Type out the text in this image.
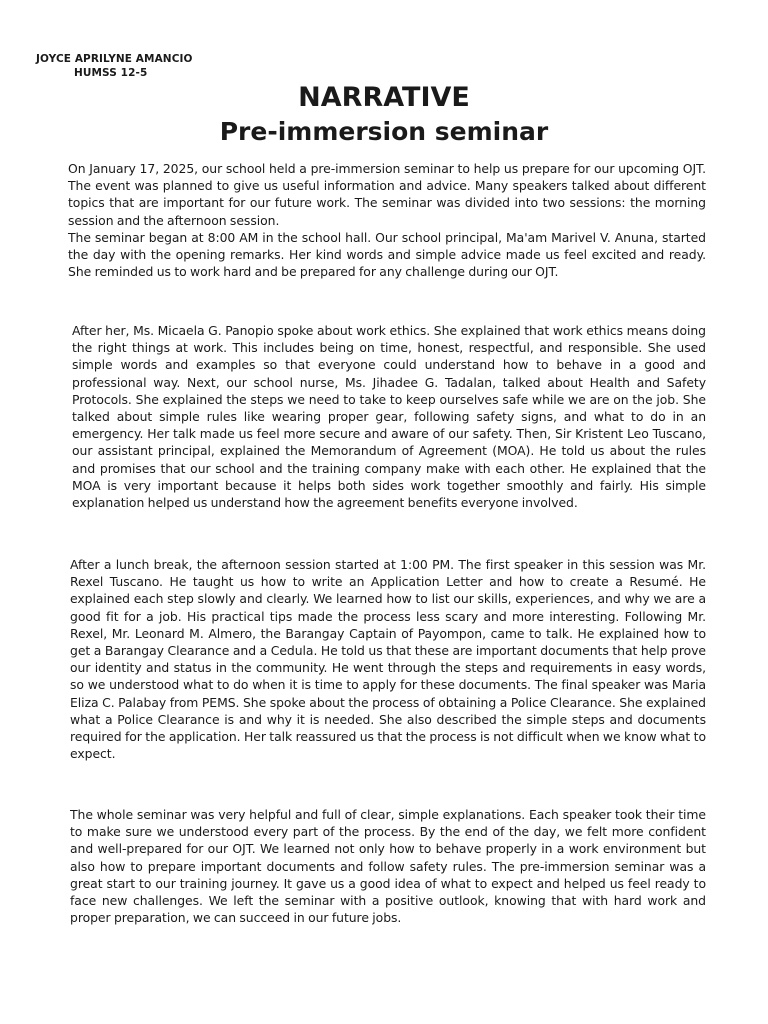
JOYCE APRILYNE AMANCIO
HUMSS 12-5
NARRATIVE
Pre-immersion seminar

On January 17, 2025, our school held a pre-immersion seminar to help us prepare for our upcoming OJT. The event was planned to give us useful information and advice. Many speakers talked about different topics that are important for our future work. The seminar was divided into two sessions: the morning session and the afternoon session.

The seminar began at 8:00 AM in the school hall. Our school principal, Ma'am Marivel V. Anuna, started the day with the opening remarks. Her kind words and simple advice made us feel excited and ready. She reminded us to work hard and be prepared for any challenge during our OJT.

After her, Ms. Micaela G. Panopio spoke about work ethics. She explained that work ethics means doing the right things at work. This includes being on time, honest, respectful, and responsible. She used simple words and examples so that everyone could understand how to behave in a good and professional way. Next, our school nurse, Ms. Jihadee G. Tadalan, talked about Health and Safety Protocols. She explained the steps we need to take to keep ourselves safe while we are on the job. She talked about simple rules like wearing proper gear, following safety signs, and what to do in an emergency. Her talk made us feel more secure and aware of our safety. Then, Sir Kristent Leo Tuscano, our assistant principal, explained the Memorandum of Agreement (MOA). He told us about the rules and promises that our school and the training company make with each other. He explained that the MOA is very important because it helps both sides work together smoothly and fairly. His simple explanation helped us understand how the agreement benefits everyone involved.

After a lunch break, the afternoon session started at 1:00 PM. The first speaker in this session was Mr. Rexel Tuscano. He taught us how to write an Application Letter and how to create a Resumé. He explained each step slowly and clearly. We learned how to list our skills, experiences, and why we are a good fit for a job. His practical tips made the process less scary and more interesting. Following Mr. Rexel, Mr. Leonard M. Almero, the Barangay Captain of Payompon, came to talk. He explained how to get a Barangay Clearance and a Cedula. He told us that these are important documents that help prove our identity and status in the community. He went through the steps and requirements in easy words, so we understood what to do when it is time to apply for these documents. The final speaker was Maria Eliza C. Palabay from PEMS. She spoke about the process of obtaining a Police Clearance. She explained what a Police Clearance is and why it is needed. She also described the simple steps and documents required for the application. Her talk reassured us that the process is not difficult when we know what to expect.

The whole seminar was very helpful and full of clear, simple explanations. Each speaker took their time to make sure we understood every part of the process. By the end of the day, we felt more confident and well-prepared for our OJT. We learned not only how to behave properly in a work environment but also how to prepare important documents and follow safety rules. The pre-immersion seminar was a great start to our training journey. It gave us a good idea of what to expect and helped us feel ready to face new challenges. We left the seminar with a positive outlook, knowing that with hard work and proper preparation, we can succeed in our future jobs.
